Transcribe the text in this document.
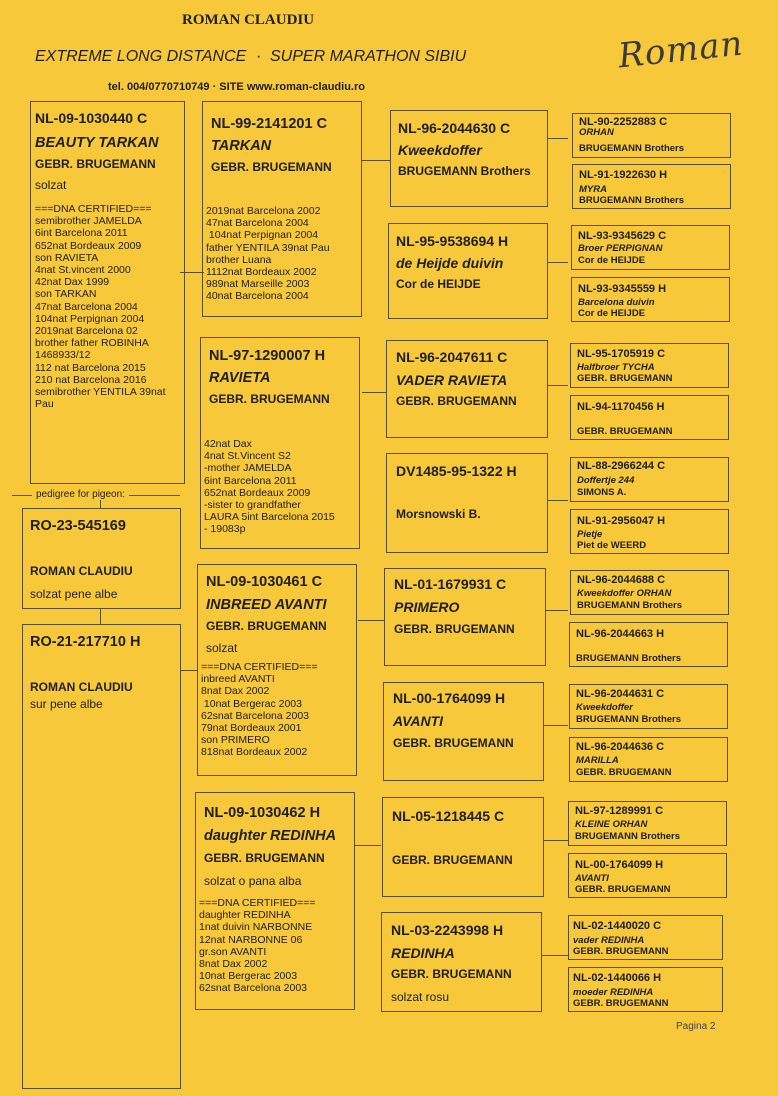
ROMAN CLAUDIU
EXTREME LONG DISTANCE · SUPER MARATHON SIBIU
tel. 004/0770710749 · SITE www.roman-claudiu.ro
Roman
NL-09-1030440 C
BEAUTY TARKAN
GEBR. BRUGEMANN
solzat
===DNA CERTIFIED===
semibrother JAMELDA
6int Barcelona 2011
652nat Bordeaux 2009
son RAVIETA
4nat St.vincent 2000
42nat Dax 1999
son TARKAN
47nat Barcelona 2004
104nat Perpignan 2004
2019nat Barcelona 02
brother father ROBINHA
1468933/12
112 nat Barcelona 2015
210 nat Barcelona 2016
semibrother YENTILA 39nat
Pau
pedigree for pigeon:
RO-23-545169
ROMAN CLAUDIU
solzat pene albe
RO-21-217710 H
ROMAN CLAUDIU
sur pene albe
NL-99-2141201 C
TARKAN
GEBR. BRUGEMANN
2019nat Barcelona 2002
47nat Barcelona 2004
104nat Perpignan 2004
father YENTILA 39nat Pau
brother Luana
1112nat Bordeaux 2002
989nat Marseille 2003
40nat Barcelona 2004
NL-97-1290007 H
RAVIETA
GEBR. BRUGEMANN
42nat Dax
4nat St.Vincent S2
-mother JAMELDA
6int Barcelona 2011
652nat Bordeaux 2009
-sister to grandfather
LAURA 5int Barcelona 2015
- 19083p
NL-09-1030461 C
INBREED AVANTI
GEBR. BRUGEMANN
solzat
===DNA CERTIFIED===
inbreed AVANTI
8nat Dax 2002
10nat Bergerac 2003
62snat Barcelona 2003
79nat Bordeaux 2001
son PRIMERO
818nat Bordeaux 2002
NL-09-1030462 H
daughter REDINHA
GEBR. BRUGEMANN
solzat o pana alba
===DNA CERTIFIED===
daughter REDINHA
1nat duivin NARBONNE
12nat NARBONNE 06
gr.son AVANTI
8nat Dax 2002
10nat Bergerac 2003
62snat Barcelona 2003
NL-96-2044630 C
Kweekdoffer
BRUGEMANN Brothers
NL-95-9538694 H
de Heijde duivin
Cor de HEIJDE
NL-96-2047611 C
VADER RAVIETA
GEBR. BRUGEMANN
DV1485-95-1322 H
Morsnowski B.
NL-01-1679931 C
PRIMERO
GEBR. BRUGEMANN
NL-00-1764099 H
AVANTI
GEBR. BRUGEMANN
NL-05-1218445 C
GEBR. BRUGEMANN
NL-03-2243998 H
REDINHA
GEBR. BRUGEMANN
solzat rosu
NL-90-2252883 C
ORHAN
BRUGEMANN Brothers
NL-91-1922630 H
MYRA
BRUGEMANN Brothers
NL-93-9345629 C
Broer PERPIGNAN
Cor de HEIJDE
NL-93-9345559 H
Barcelona duivin
Cor de HEIJDE
NL-95-1705919 C
Halfbroer TYCHA
GEBR. BRUGEMANN
NL-94-1170456 H
GEBR. BRUGEMANN
NL-88-2966244 C
Doffertje 244
SIMONS A.
NL-91-2956047 H
Pietje
Piet de WEERD
NL-96-2044688 C
Kweekdoffer ORHAN
BRUGEMANN Brothers
NL-96-2044663 H
BRUGEMANN Brothers
NL-96-2044631 C
Kweekdoffer
BRUGEMANN Brothers
NL-96-2044636 C
MARILLA
GEBR. BRUGEMANN
NL-97-1289991 C
KLEINE ORHAN
BRUGEMANN Brothers
NL-00-1764099 H
AVANTI
GEBR. BRUGEMANN
NL-02-1440020 C
vader REDINHA
GEBR. BRUGEMANN
NL-02-1440066 H
moeder REDINHA
GEBR. BRUGEMANN
Pagina 2
